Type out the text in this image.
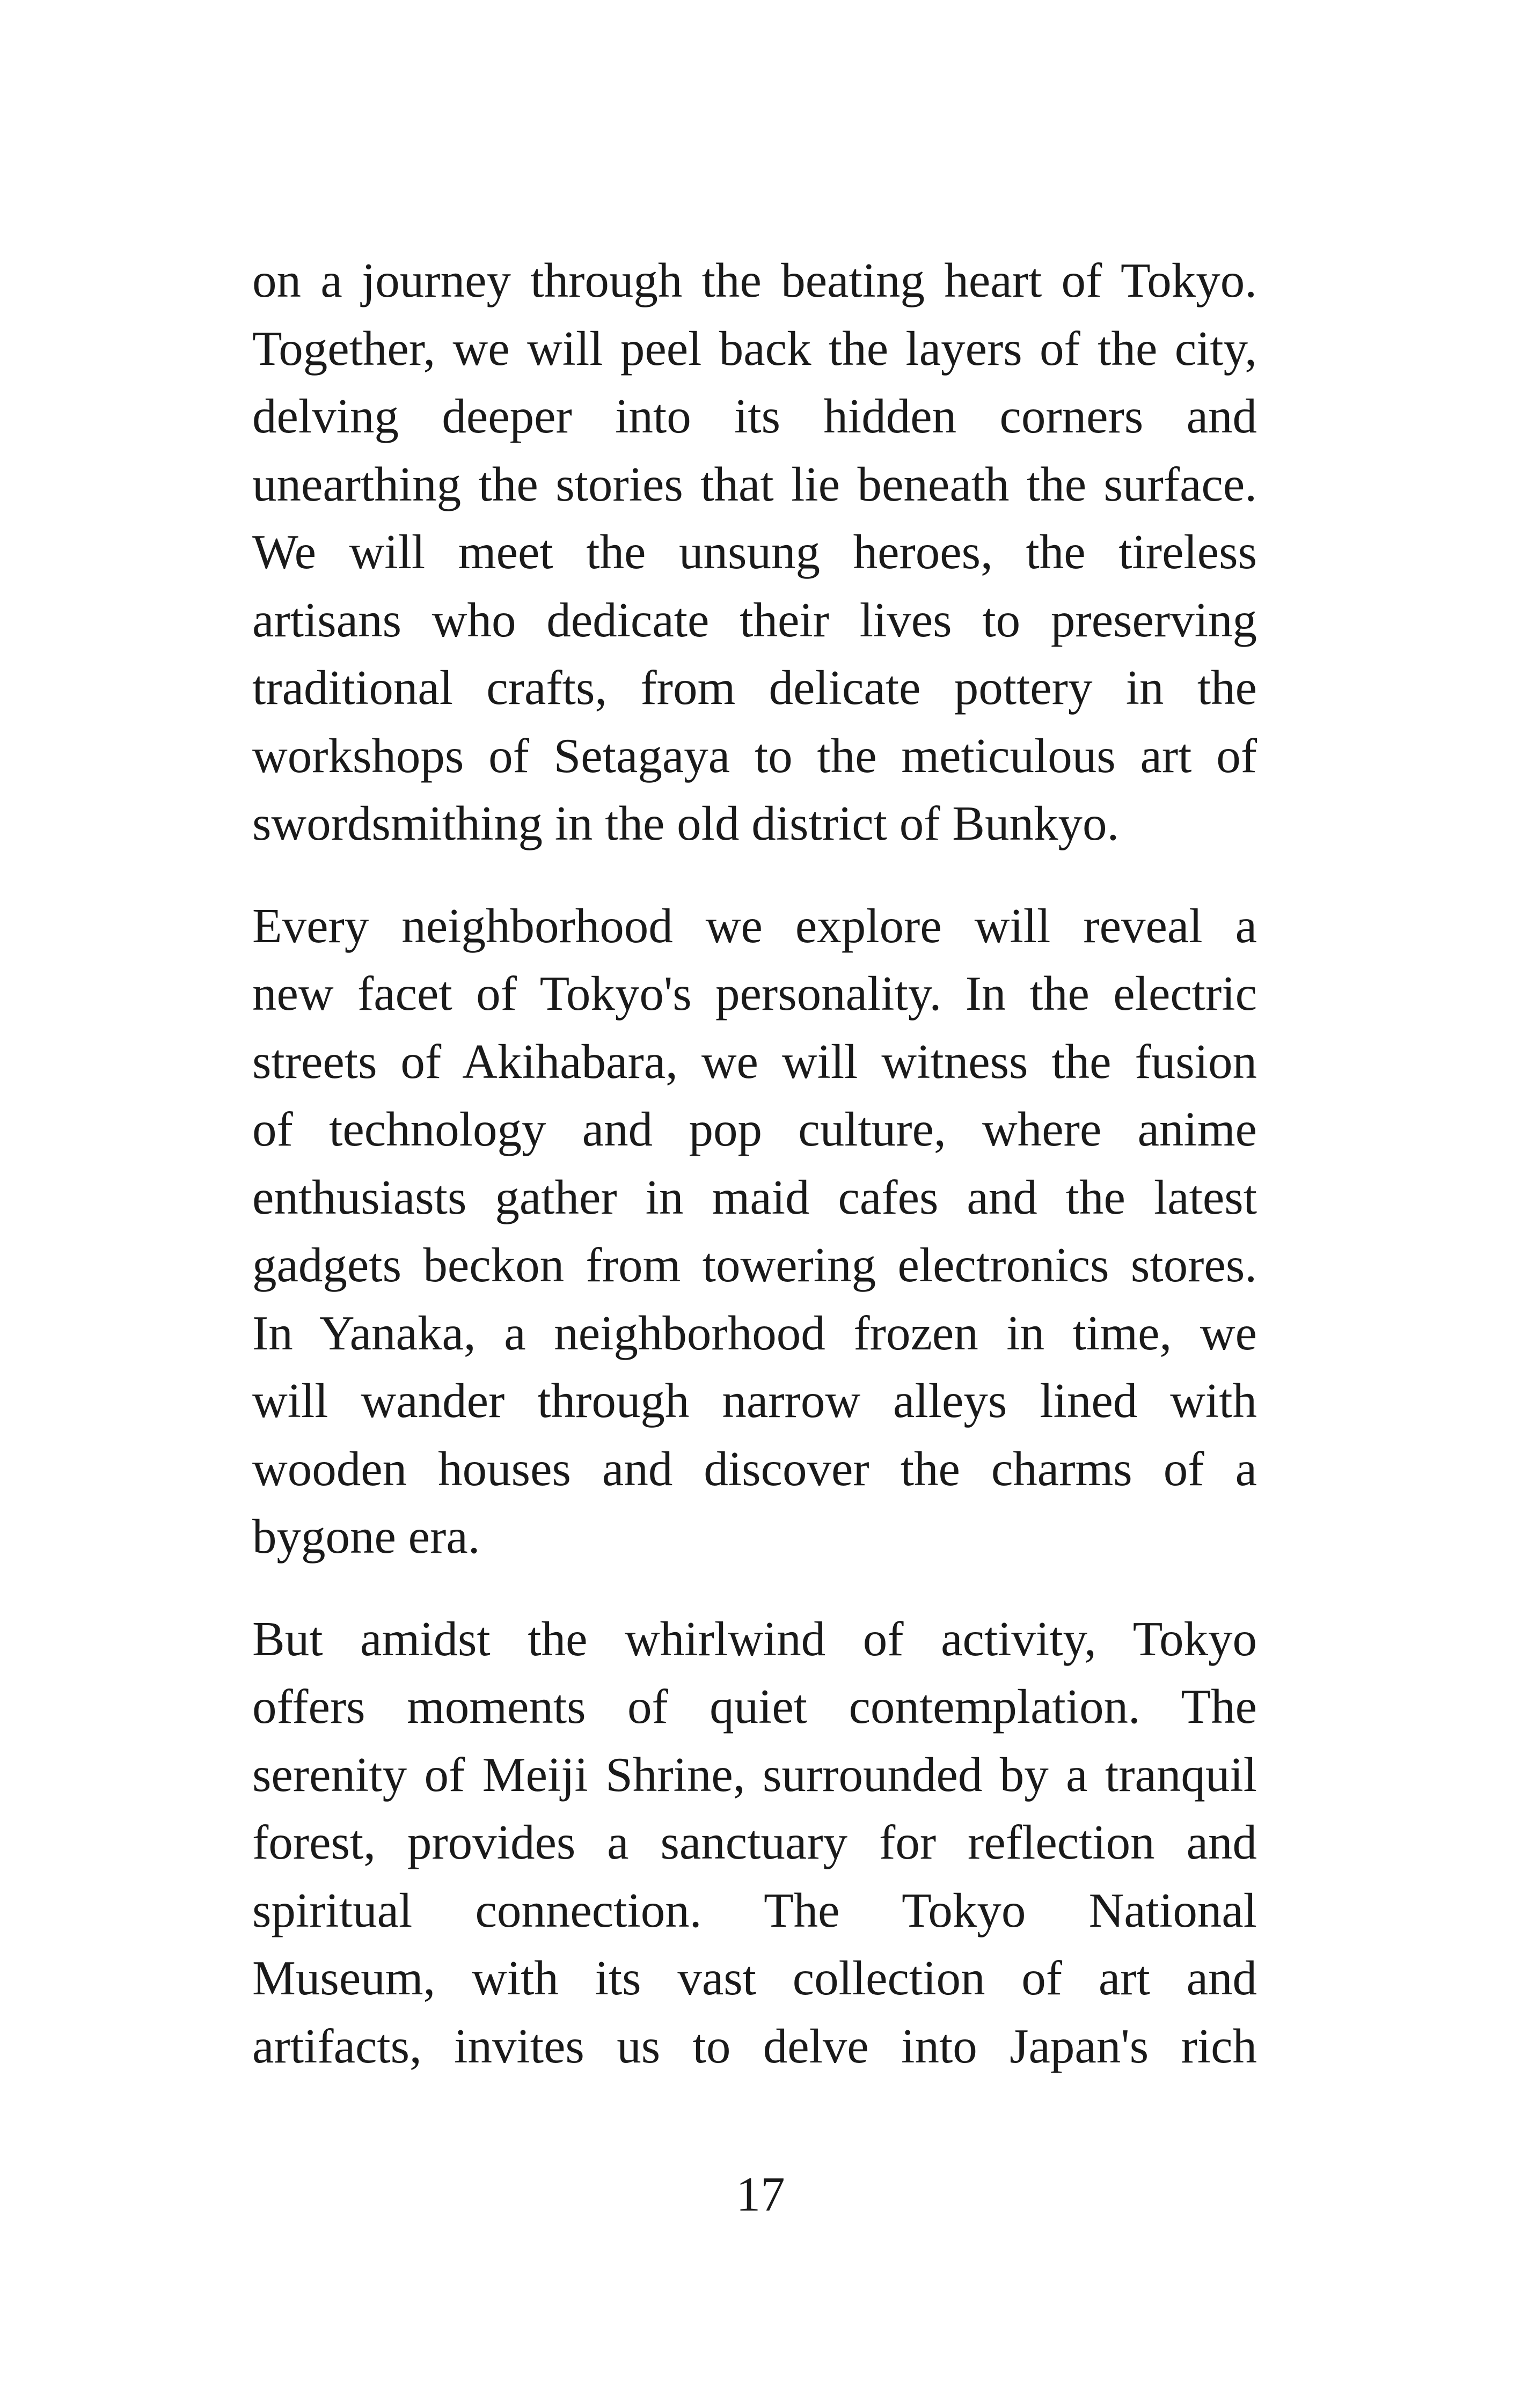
on a journey through the beating heart of Tokyo.
Together, we will peel back the layers of the city,
delving deeper into its hidden corners and
unearthing the stories that lie beneath the surface.
We will meet the unsung heroes, the tireless
artisans who dedicate their lives to preserving
traditional crafts, from delicate pottery in the
workshops of Setagaya to the meticulous art of
swordsmithing in the old district of Bunkyo.

Every neighborhood we explore will reveal a
new facet of Tokyo's personality. In the electric
streets of Akihabara, we will witness the fusion
of technology and pop culture, where anime
enthusiasts gather in maid cafes and the latest
gadgets beckon from towering electronics stores.
In Yanaka, a neighborhood frozen in time, we
will wander through narrow alleys lined with
wooden houses and discover the charms of a
bygone era.

But amidst the whirlwind of activity, Tokyo
offers moments of quiet contemplation. The
serenity of Meiji Shrine, surrounded by a tranquil
forest, provides a sanctuary for reflection and
spiritual connection. The Tokyo National
Museum, with its vast collection of art and
artifacts, invites us to delve into Japan's rich

17
